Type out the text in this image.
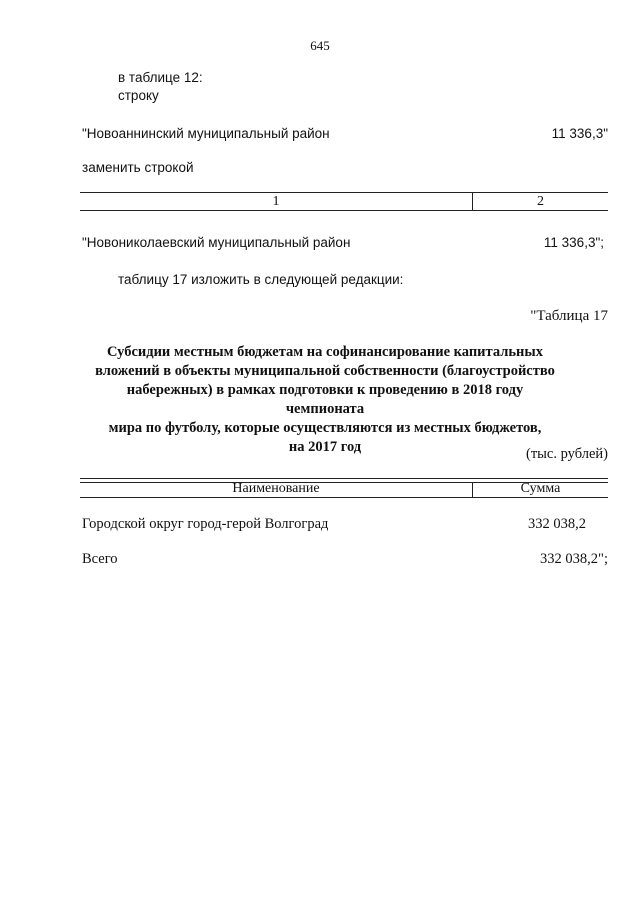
645
в таблице 12:
строку
"Новоаннинский муниципальный район	11 336,3"
заменить строкой
1	2
"Новониколаевский муниципальный район	11 336,3";
таблицу 17 изложить в следующей редакции:
"Таблица 17
Субсидии местным бюджетам на софинансирование капитальных
вложений в объекты муниципальной собственности (благоустройство
набережных) в рамках подготовки к проведению в 2018 году чемпионата
мира по футболу, которые осуществляются из местных бюджетов,
на 2017 год	(тыс. рублей)
Наименование	Сумма
Городской округ город-герой Волгоград	332 038,2
Всего	332 038,2";
